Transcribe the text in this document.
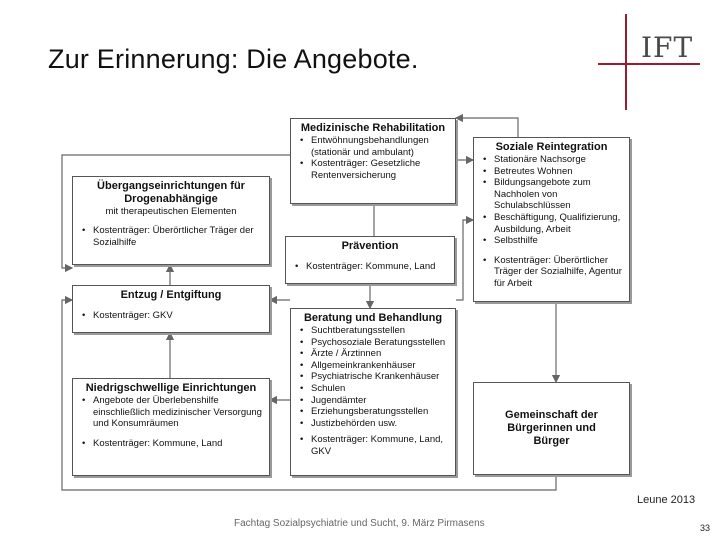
Zur Erinnerung: Die Angebote.	IFT
Medizinische Rehabilitation
• Entwöhnungsbehandlungen (stationär und ambulant)
• Kostenträger: Gesetzliche Rentenversicherung
Soziale Reintegration
• Stationäre Nachsorge
• Betreutes Wohnen
• Bildungsangebote zum Nachholen von Schulabschlüssen
• Beschäftigung, Qualifizierung, Ausbildung, Arbeit
• Selbsthilfe
• Kostenträger: Überörtlicher Träger der Sozialhilfe, Agentur für Arbeit
Übergangseinrichtungen für Drogenabhängige
mit therapeutischen Elementen
• Kostenträger: Überörtlicher Träger der Sozialhilfe	Prävention
• Kostenträger: Kommune, Land
Entzug / Entgiftung
• Kostenträger: GKV	Beratung und Behandlung
• Suchtberatungsstellen
• Psychosoziale Beratungsstellen
• Ärzte / Ärztinnen
• Allgemeinkrankenhäuser
• Psychiatrische Krankenhäuser
• Schulen
• Jugendämter
• Erziehungsberatungsstellen
• Justizbehörden usw.
• Kostenträger: Kommune, Land, GKV
Niedrigschwellige Einrichtungen
• Angebote der Überlebenshilfe einschließlich medizinischer Versorgung und Konsumräumen
• Kostenträger: Kommune, Land
Gemeinschaft der Bürgerinnen und Bürger
Leune 2013
Fachtag Sozialpsychiatrie und Sucht, 9. März Pirmasens	33
